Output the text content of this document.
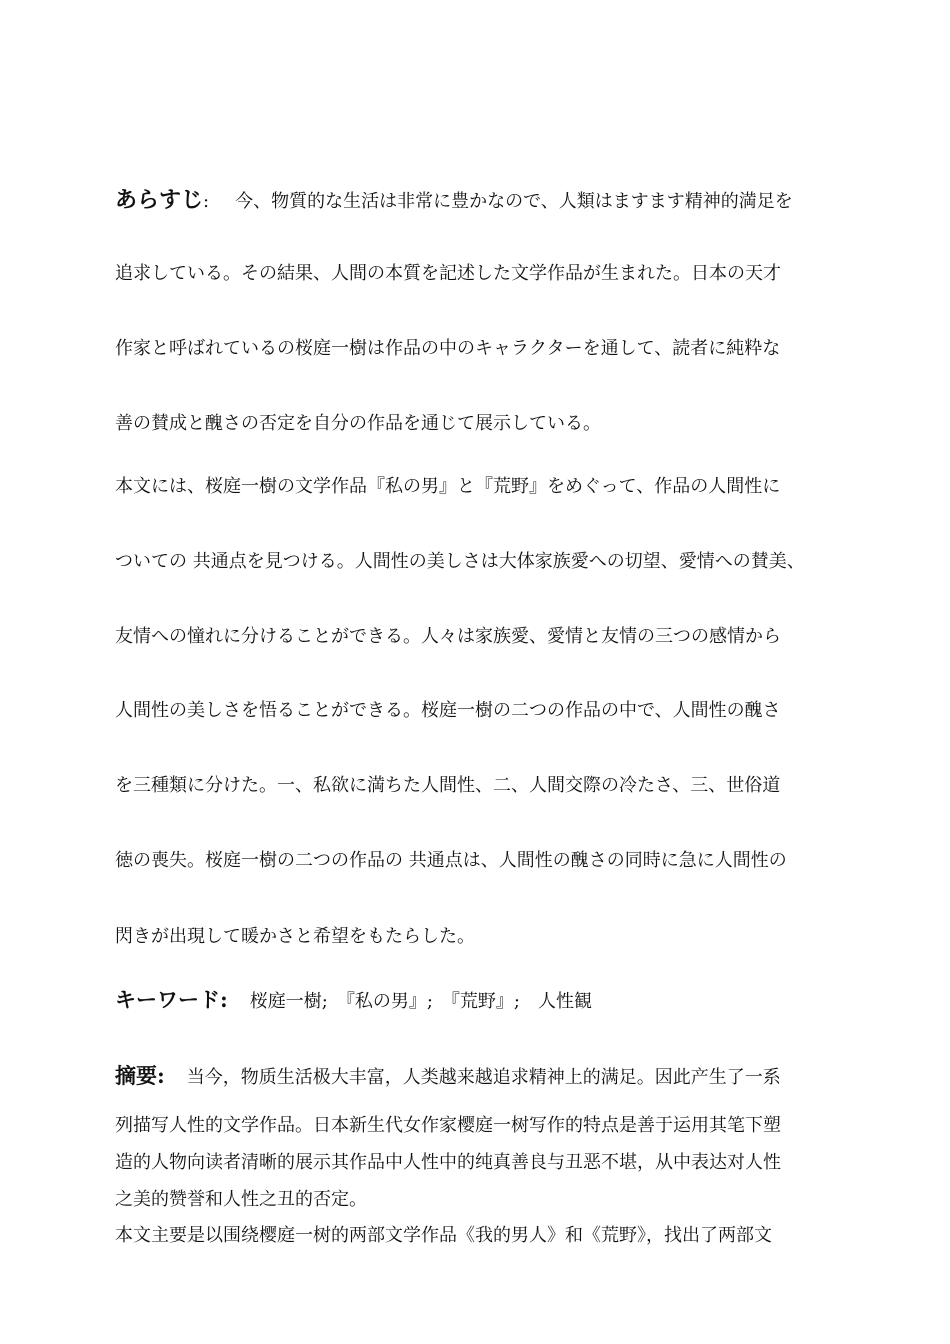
あらすじ: 今、物質的な生活は非常に豊かなので、人類はますます精神的満足を
追求している。その結果、人間の本質を記述した文学作品が生まれた。日本の天才
作家と呼ばれているの桜庭一樹は作品の中のキャラクターを通して、読者に純粋な
善の賛成と醜さの否定を自分の作品を通じて展示している。
本文には、桜庭一樹の文学作品『私の男』と『荒野』をめぐって、作品の人間性に
ついての 共通点を見つける。人間性の美しさは大体家族愛への切望、愛情への賛美、
友情への憧れに分けることができる。人々は家族愛、愛情と友情の三つの感情から
人間性の美しさを悟ることができる。桜庭一樹の二つの作品の中で、人間性の醜さ
を三種類に分けた。一、私欲に満ちた人間性、二、人間交際の冷たさ、三、世俗道
徳の喪失。桜庭一樹の二つの作品の 共通点は、人間性の醜さの同時に急に人間性の
閃きが出現して暖かさと希望をもたらした。
キーワード: 桜庭一樹;　『私の男』;　『荒野』;　人性観
摘要: 当今，物质生活极大丰富，人类越来越追求精神上的满足。因此产生了一系
列描写人性的文学作品。日本新生代女作家樱庭一树写作的特点是善于运用其笔下塑
造的人物向读者清晰的展示其作品中人性中的纯真善良与丑恶不堪，从中表达对人性
之美的赞誉和人性之丑的否定。
本文主要是以围绕樱庭一树的两部文学作品《我的男人》和《荒野》，找出了两部文
